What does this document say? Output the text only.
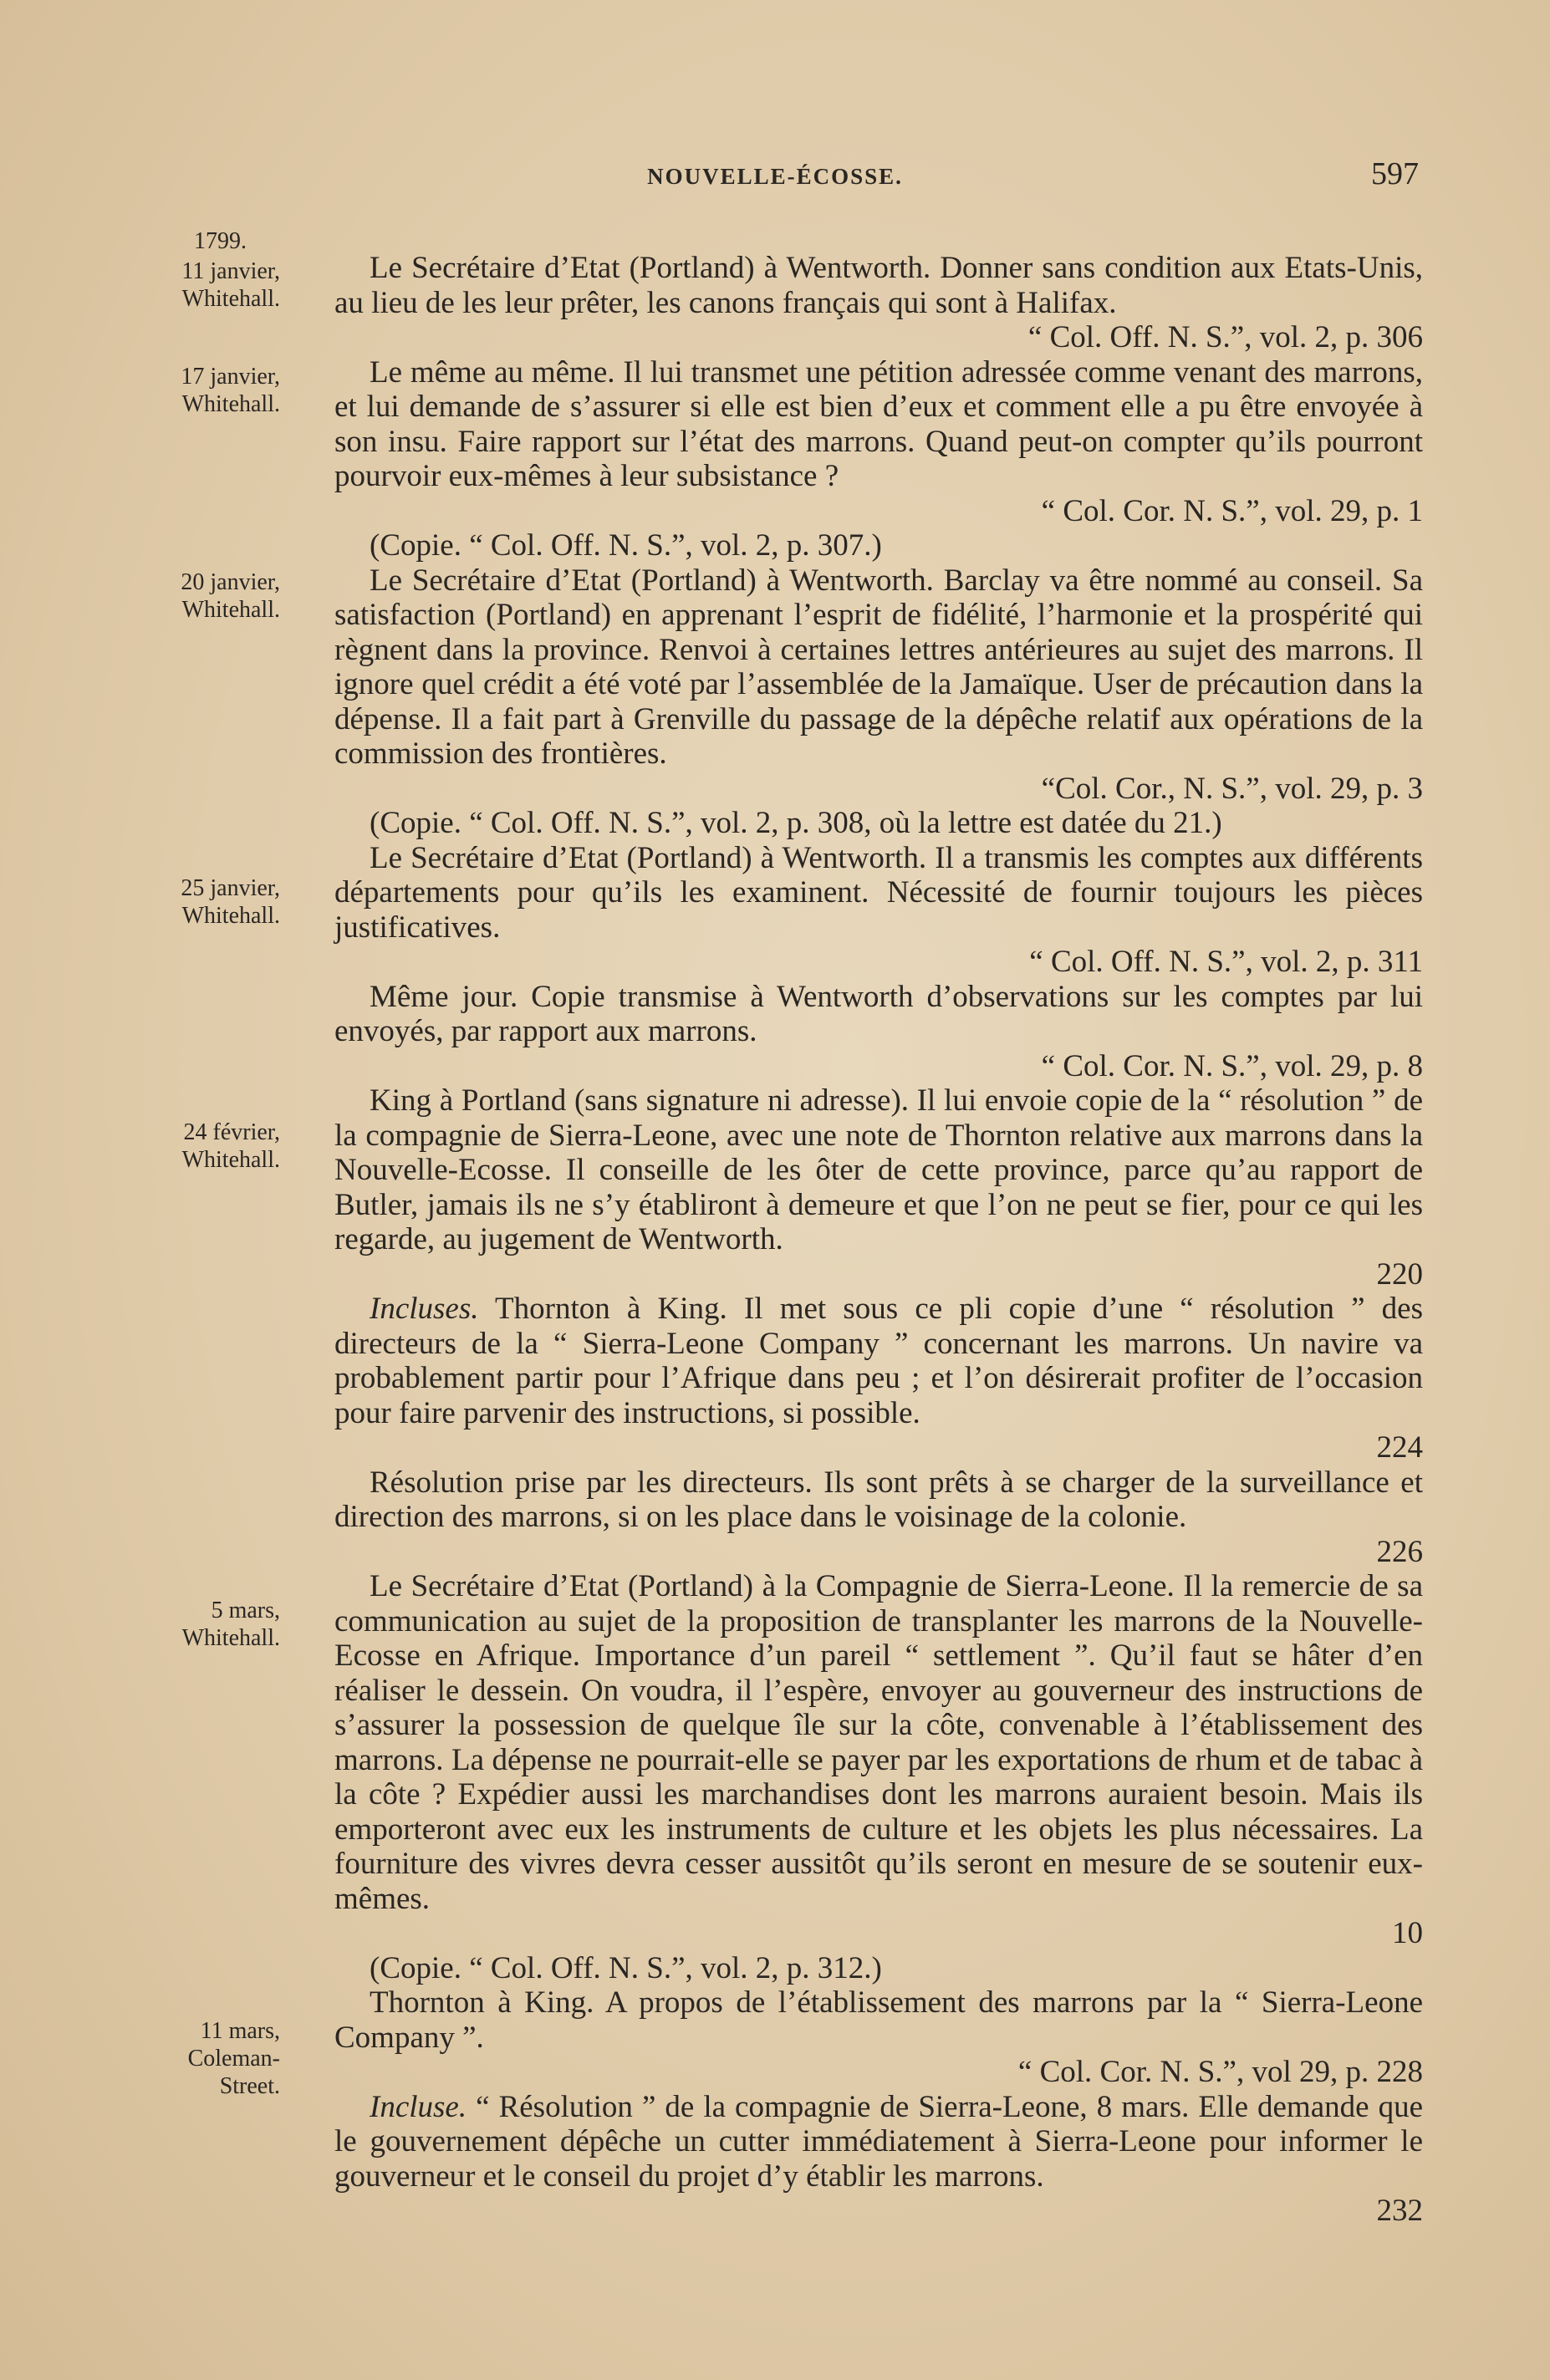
NOUVELLE-ÉCOSSE.	597
1799.
11 janvier,
Whitehall.
17 janvier,
Whitehall.
20 janvier,
Whitehall.
25 janvier,
Whitehall.
24 février,
Whitehall.
5 mars,
Whitehall.
11 mars,
Coleman-
Street.

Le Secrétaire d’Etat (Portland) à Wentworth. Donner sans condition aux Etats-Unis, au lieu de les leur prêter, les canons français qui sont à Halifax.
“ Col. Off. N. S.”, vol. 2, p. 306

Le même au même. Il lui transmet une pétition adressée comme venant des marrons, et lui demande de s’assurer si elle est bien d’eux et comment elle a pu être envoyée à son insu. Faire rapport sur l’état des marrons. Quand peut-on compter qu’ils pourront pourvoir eux-mêmes à leur subsistance ?
“ Col. Cor. N. S.”, vol. 29, p. 1

(Copie. “ Col. Off. N. S.”, vol. 2, p. 307.)

Le Secrétaire d’Etat (Portland) à Wentworth. Barclay va être nommé au conseil. Sa satisfaction (Portland) en apprenant l’esprit de fidélité, l’harmonie et la prospérité qui règnent dans la province. Renvoi à certaines lettres antérieures au sujet des marrons. Il ignore quel crédit a été voté par l’assemblée de la Jamaïque. User de précaution dans la dépense. Il a fait part à Grenville du passage de la dépêche relatif aux opérations de la commission des frontières.
“Col. Cor., N. S.”, vol. 29, p. 3

(Copie. “ Col. Off. N. S.”, vol. 2, p. 308, où la lettre est datée du 21.)

Le Secrétaire d’Etat (Portland) à Wentworth. Il a transmis les comptes aux différents départements pour qu’ils les examinent. Nécessité de fournir toujours les pièces justificatives.
“ Col. Off. N. S.”, vol. 2, p. 311

Même jour. Copie transmise à Wentworth d’observations sur les comptes par lui envoyés, par rapport aux marrons.
“ Col. Cor. N. S.”, vol. 29, p. 8

King à Portland (sans signature ni adresse). Il lui envoie copie de la “ résolution ” de la compagnie de Sierra-Leone, avec une note de Thornton relative aux marrons dans la Nouvelle-Ecosse. Il conseille de les ôter de cette province, parce qu’au rapport de Butler, jamais ils ne s’y établiront à demeure et que l’on ne peut se fier, pour ce qui les regarde, au jugement de Wentworth.
220

Incluses. Thornton à King. Il met sous ce pli copie d’une “ résolution ” des directeurs de la “ Sierra-Leone Company ” concernant les marrons. Un navire va probablement partir pour l’Afrique dans peu ; et l’on désirerait profiter de l’occasion pour faire parvenir des instructions, si possible.
224

Résolution prise par les directeurs. Ils sont prêts à se charger de la surveillance et direction des marrons, si on les place dans le voisinage de la colonie.
226

Le Secrétaire d’Etat (Portland) à la Compagnie de Sierra-Leone. Il la remercie de sa communication au sujet de la proposition de transplanter les marrons de la Nouvelle-Ecosse en Afrique. Importance d’un pareil “ settlement ”. Qu’il faut se hâter d’en réaliser le dessein. On voudra, il l’espère, envoyer au gouverneur des instructions de s’assurer la possession de quelque île sur la côte, convenable à l’établissement des marrons. La dépense ne pourrait-elle se payer par les exportations de rhum et de tabac à la côte ? Expédier aussi les marchandises dont les marrons auraient besoin. Mais ils emporteront avec eux les instruments de culture et les objets les plus nécessaires. La fourniture des vivres devra cesser aussitôt qu’ils seront en mesure de se soutenir eux-mêmes.
10

(Copie. “ Col. Off. N. S.”, vol. 2, p. 312.)

Thornton à King. A propos de l’établissement des marrons par la “ Sierra-Leone Company ”.
“ Col. Cor. N. S.”, vol 29, p. 228

Incluse. “ Résolution ” de la compagnie de Sierra-Leone, 8 mars. Elle demande que le gouvernement dépêche un cutter immédiatement à Sierra-Leone pour informer le gouverneur et le conseil du projet d’y établir les marrons.
232
